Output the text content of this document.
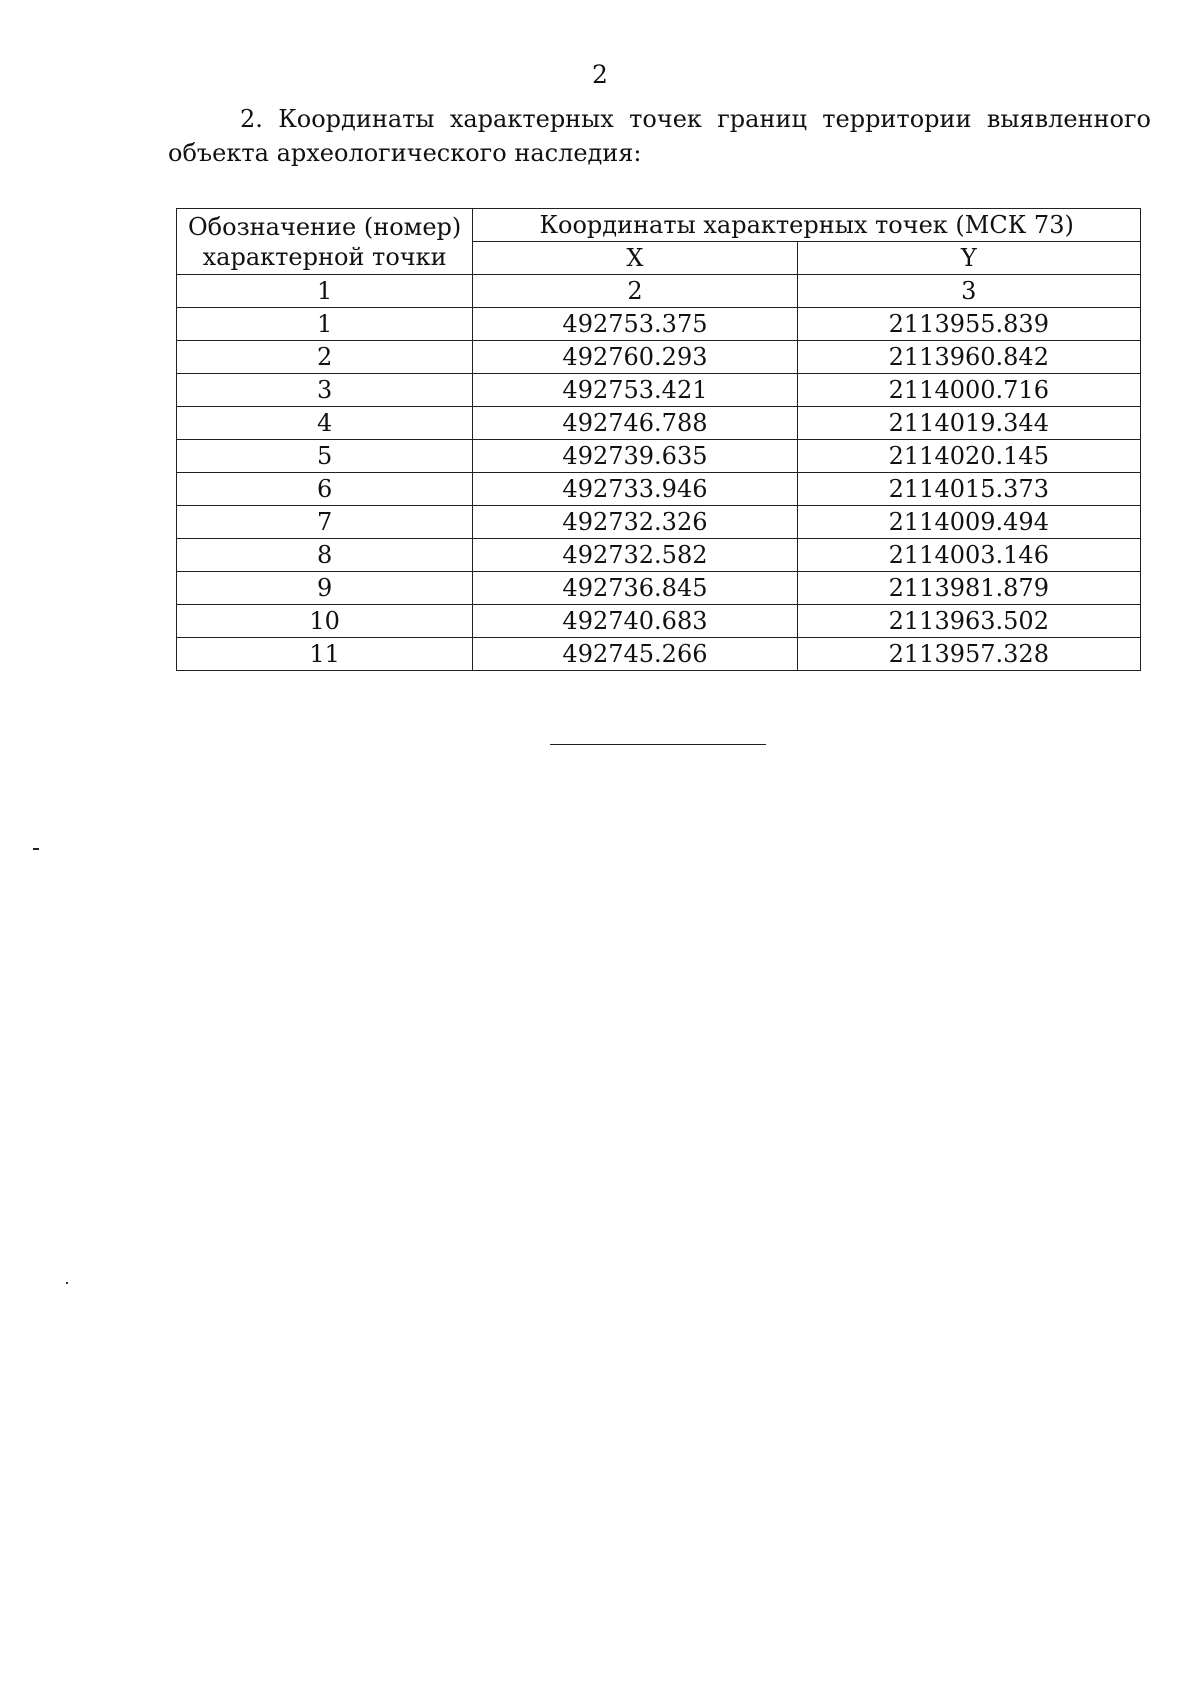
2
2. Координаты характерных точек границ территории выявленного
объекта археологического наследия:
Обозначение (номер) характерной точки	Координаты характерных точек (МСК 73)	
	X	Y
1	2	3
1	492753.375	2113955.839
2	492760.293	2113960.842
3	492753.421	2114000.716
4	492746.788	2114019.344
5	492739.635	2114020.145
6	492733.946	2114015.373
7	492732.326	2114009.494
8	492732.582	2114003.146
9	492736.845	2113981.879
10	492740.683	2113963.502
11	492745.266	2113957.328
